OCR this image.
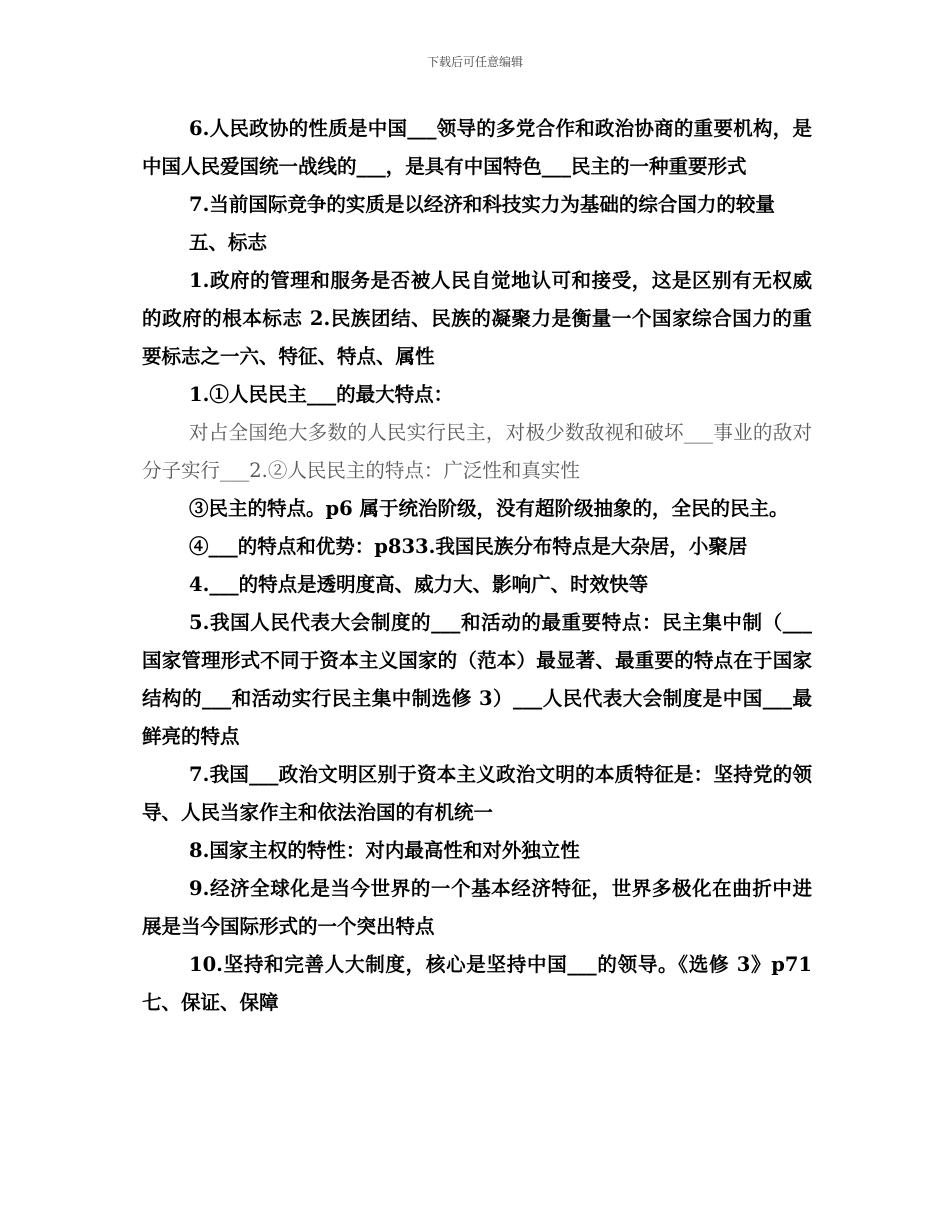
下载后可任意编辑

6.人民政协的性质是中国___领导的多党合作和政治协商的重要机构，是中国人民爱国统一战线的___，是具有中国特色___民主的一种重要形式

7.当前国际竞争的实质是以经济和科技实力为基础的综合国力的较量

五、标志

1.政府的管理和服务是否被人民自觉地认可和接受，这是区别有无权威的政府的根本标志 2.民族团结、民族的凝聚力是衡量一个国家综合国力的重要标志之一六、特征、特点、属性

1.①人民民主___的最大特点：

对占全国绝大多数的人民实行民主，对极少数敌视和破坏___事业的敌对分子实行___2.②人民民主的特点：广泛性和真实性

③民主的特点。p6 属于统治阶级，没有超阶级抽象的，全民的民主。

④___的特点和优势：p833.我国民族分布特点是大杂居，小聚居

4.___的特点是透明度高、威力大、影响广、时效快等

5.我国人民代表大会制度的___和活动的最重要特点：民主集中制（___国家管理形式不同于资本主义国家的（范本）最显著、最重要的特点在于国家结构的___和活动实行民主集中制选修 3）___人民代表大会制度是中国___最鲜亮的特点

7.我国___政治文明区别于资本主义政治文明的本质特征是：坚持党的领导、人民当家作主和依法治国的有机统一

8.国家主权的特性：对内最高性和对外独立性

9.经济全球化是当今世界的一个基本经济特征，世界多极化在曲折中进展是当今国际形式的一个突出特点

10.坚持和完善人大制度，核心是坚持中国___的领导。《选修 3》p71 七、保证、保障
